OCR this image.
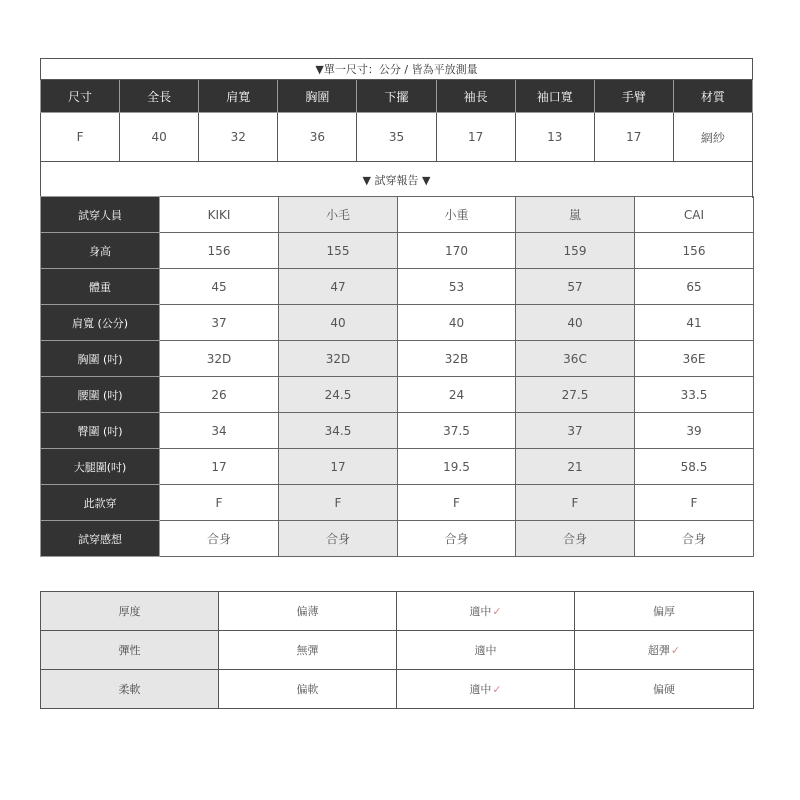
▼單一尺寸：公分 / 皆為平放測量								
尺寸	全長	肩寬	胸圍	下擺	袖長	袖口寬	手臂	材質
F	40	32	36	35	17	13	17	網紗
▼ 試穿報告 ▼								
試穿人員	KIKI	小毛	小重	嵐	CAI
身高	156	155	170	159	156
體重	45	47	53	57	65
肩寬 (公分)	37	40	40	40	41
胸圍 (吋)	32D	32D	32B	36C	36E
腰圍 (吋)	26	24.5	24	27.5	33.5
臀圍 (吋)	34	34.5	37.5	37	39
大腿圍(吋)	17	17	19.5	21	58.5
此款穿	F	F	F	F	F
試穿感想	合身	合身	合身	合身	合身
厚度	偏薄	適中✓	偏厚
彈性	無彈	適中	超彈✓
柔軟	偏軟	適中✓	偏硬
